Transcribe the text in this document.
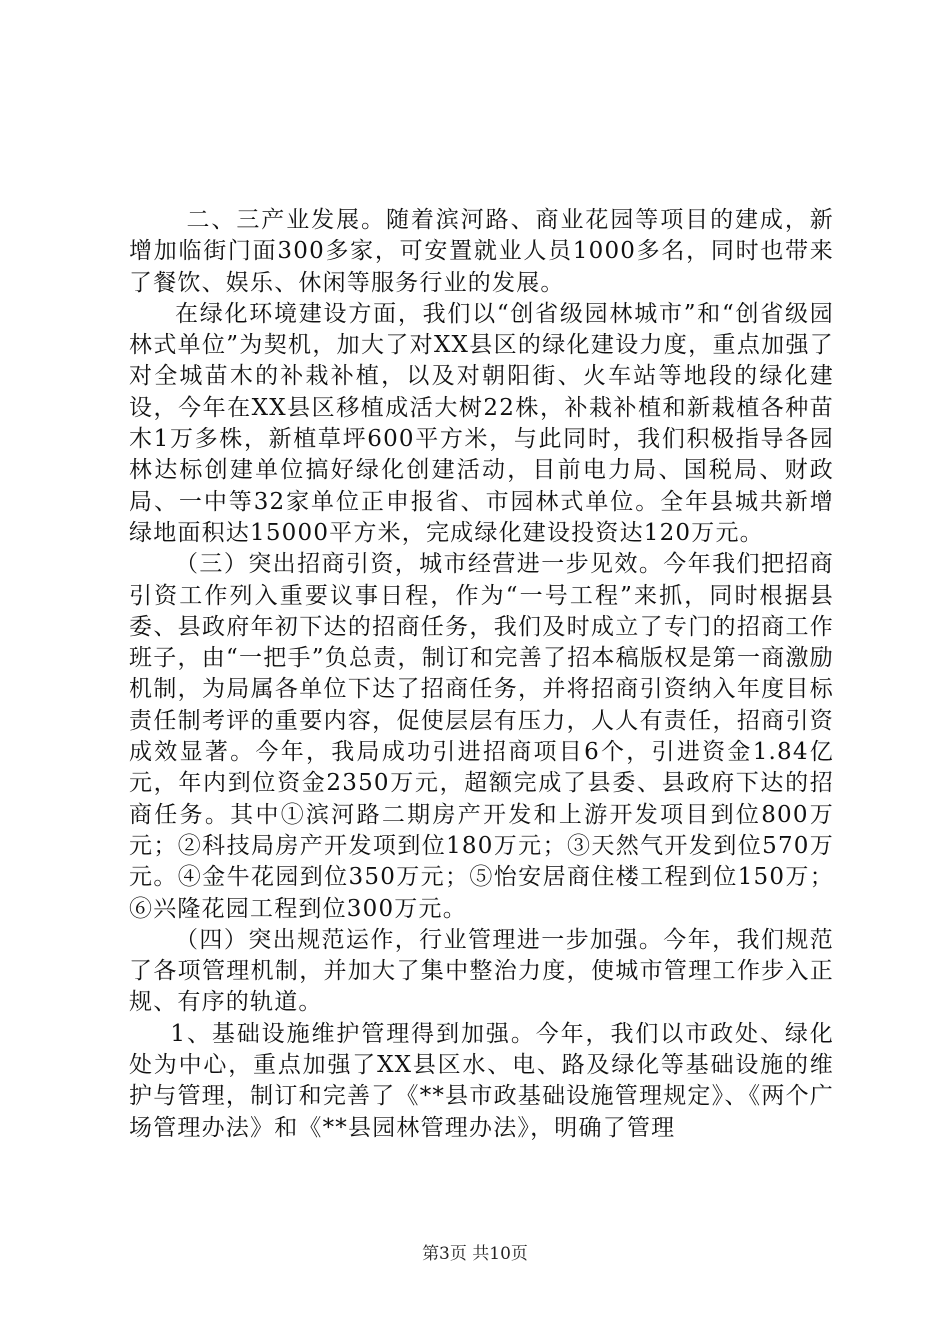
二、三产业发展。随着滨河路、商业花园等项目的建成，新增加临街门面300多家，可安置就业人员1000多名，同时也带来了餐饮、娱乐、休闲等服务行业的发展。

在绿化环境建设方面，我们以“创省级园林城市”和“创省级园林式单位”为契机，加大了对XX县区的绿化建设力度，重点加强了对全城苗木的补栽补植，以及对朝阳街、火车站等地段的绿化建设，今年在XX县区移植成活大树22株，补栽补植和新栽植各种苗木1万多株，新植草坪600平方米，与此同时，我们积极指导各园林达标创建单位搞好绿化创建活动，目前电力局、国税局、财政局、一中等32家单位正申报省、市园林式单位。全年县城共新增绿地面积达15000平方米，完成绿化建设投资达120万元。

（三）突出招商引资，城市经营进一步见效。今年我们把招商引资工作列入重要议事日程，作为“一号工程”来抓，同时根据县委、县政府年初下达的招商任务，我们及时成立了专门的招商工作班子，由“一把手”负总责，制订和完善了招本稿版权是第一商激励机制，为局属各单位下达了招商任务，并将招商引资纳入年度目标责任制考评的重要内容，促使层层有压力，人人有责任，招商引资成效显著。今年，我局成功引进招商项目6个，引进资金1.84亿元，年内到位资金2350万元，超额完成了县委、县政府下达的招商任务。其中①滨河路二期房产开发和上游开发项目到位800万元；②科技局房产开发项到位180万元；③天然气开发到位570万元。④金牛花园到位350万元；⑤怡安居商住楼工程到位150万；⑥兴隆花园工程到位300万元。

（四）突出规范运作，行业管理进一步加强。今年，我们规范了各项管理机制，并加大了集中整治力度，使城市管理工作步入正规、有序的轨道。

1、基础设施维护管理得到加强。今年，我们以市政处、绿化处为中心，重点加强了XX县区水、电、路及绿化等基础设施的维护与管理，制订和完善了《**县市政基础设施管理规定》、《两个广场管理办法》和《**县园林管理办法》，明确了管理

第3页 共10页
